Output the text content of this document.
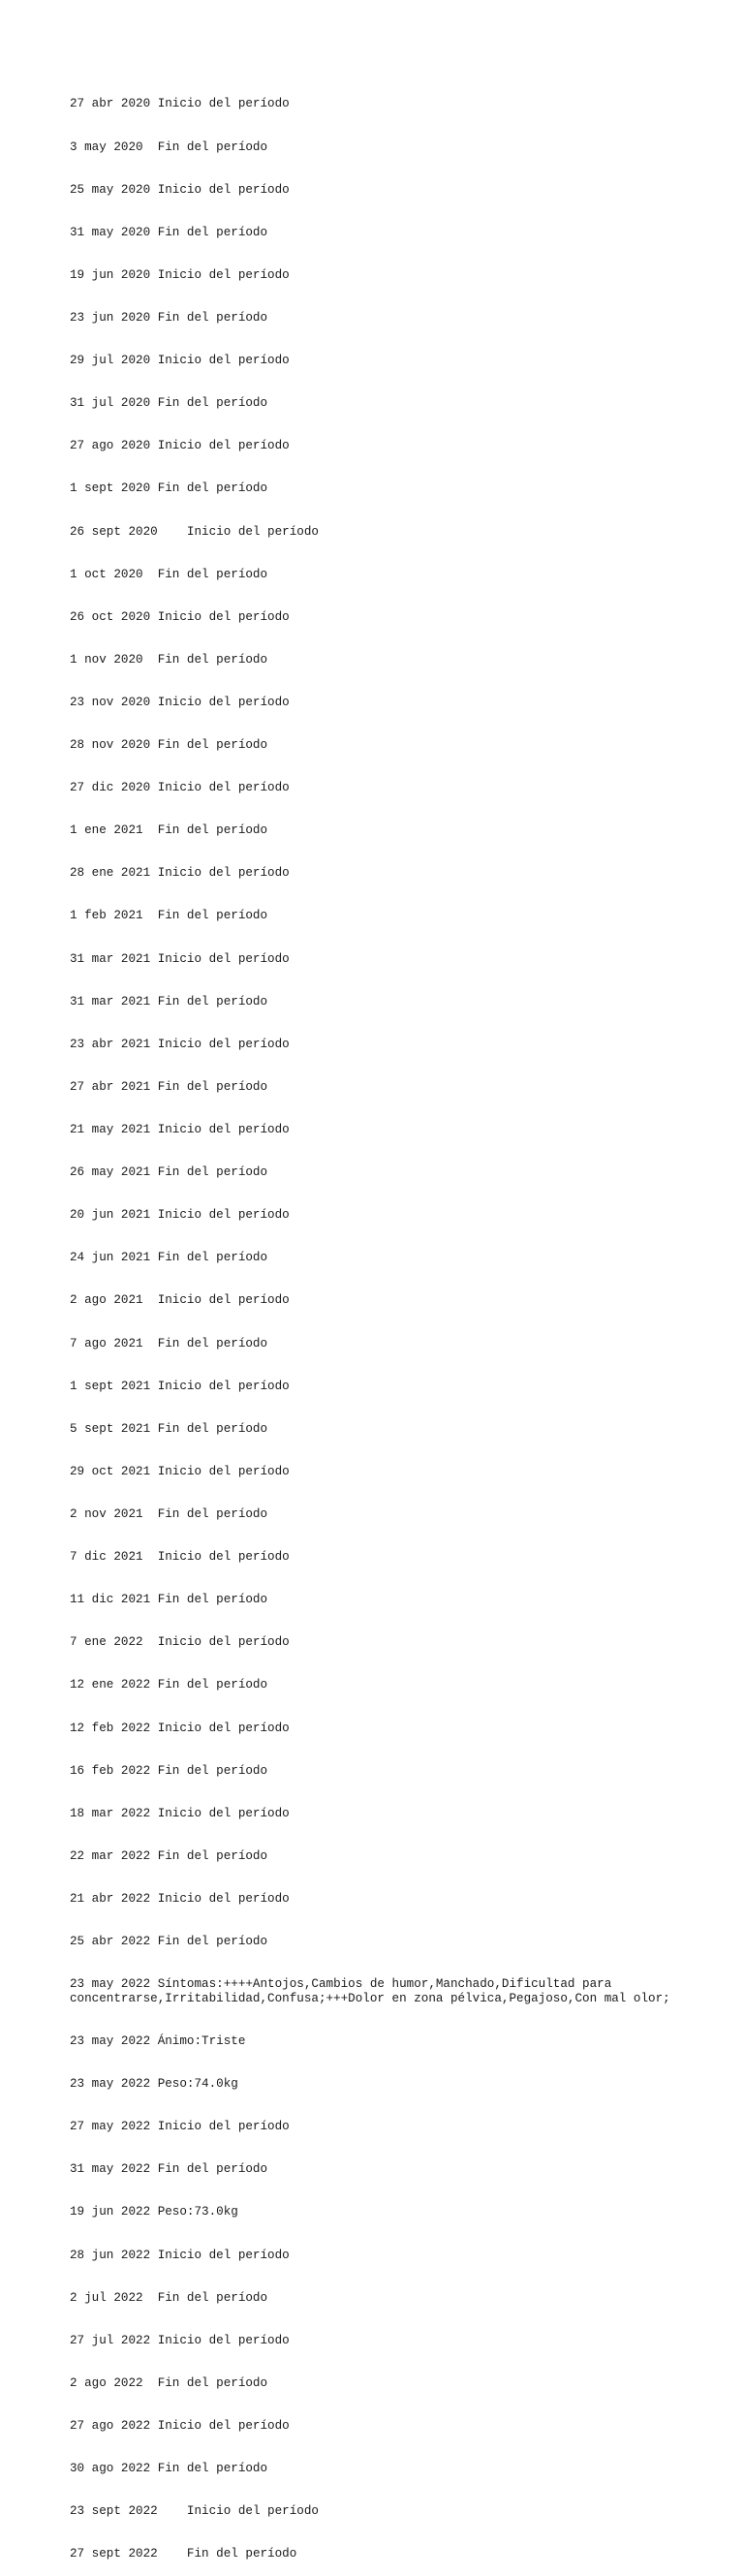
27 abr 2020 Inicio del período

3 may 2020  Fin del período

25 may 2020 Inicio del período

31 may 2020 Fin del período

19 jun 2020 Inicio del período

23 jun 2020 Fin del período

29 jul 2020 Inicio del período

31 jul 2020 Fin del período

27 ago 2020 Inicio del período

1 sept 2020 Fin del período

26 sept 2020	Inicio del período

1 oct 2020  Fin del período

26 oct 2020 Inicio del período

1 nov 2020  Fin del período

23 nov 2020 Inicio del período

28 nov 2020 Fin del período

27 dic 2020 Inicio del período

1 ene 2021  Fin del período

28 ene 2021 Inicio del período

1 feb 2021  Fin del período

31 mar 2021 Inicio del período

31 mar 2021 Fin del período

23 abr 2021 Inicio del período

27 abr 2021 Fin del período

21 may 2021 Inicio del período

26 may 2021 Fin del período

20 jun 2021 Inicio del período

24 jun 2021 Fin del período

2 ago 2021  Inicio del período

7 ago 2021  Fin del período

1 sept 2021 Inicio del período

5 sept 2021 Fin del período

29 oct 2021 Inicio del período

2 nov 2021  Fin del período

7 dic 2021  Inicio del período

11 dic 2021 Fin del período

7 ene 2022  Inicio del período

12 ene 2022 Fin del período

12 feb 2022 Inicio del período

16 feb 2022 Fin del período

18 mar 2022 Inicio del período

22 mar 2022 Fin del período

21 abr 2022 Inicio del período

25 abr 2022 Fin del período

23 may 2022 Síntomas:++++Antojos,Cambios de humor,Manchado,Dificultad para
concentrarse,Irritabilidad,Confusa;+++Dolor en zona pélvica,Pegajoso,Con mal olor;

23 may 2022 Ánimo:Triste

23 may 2022 Peso:74.0kg

27 may 2022 Inicio del período

31 may 2022 Fin del período

19 jun 2022 Peso:73.0kg

28 jun 2022 Inicio del período

2 jul 2022  Fin del período

27 jul 2022 Inicio del período

2 ago 2022  Fin del período

27 ago 2022 Inicio del período

30 ago 2022 Fin del período

23 sept 2022	Inicio del período

27 sept 2022	Fin del período
